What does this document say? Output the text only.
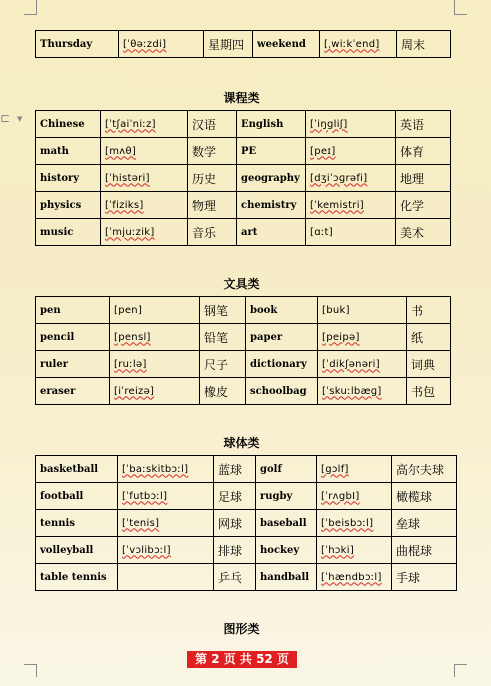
⊏ ▼
Thursday	[ˈθəːzdi]	星期四	weekend	[ˌwiːkˈend]	周末
课程类
Chinese	[ˈtʃaiˈniːz]	汉语	English	[ˈiŋgliʃ]	英语
math	[mʌθ]	数学	PE	[peɪ]	体育
history	[ˈhistəri]	历史	geography	[dʒiˈɔɡrəfi]	地理
physics	[ˈfiziks]	物理	chemistry	[ˈkemistri]	化学
music	[ˈmjuːzik]	音乐	art	[ɑːt]	美术
文具类
pen	[pen]	钢笔	book	[buk]	书
pencil	[pensl]	铅笔	paper	[peipə]	纸
ruler	[ruːlə]	尺子	dictionary	[ˈdikʃənəri]	词典
eraser	[iˈreizə]	橡皮	schoolbag	[ˈskuːlbæɡ]	书包
球体类
basketball	[ˈbaːskitbɔːl]	蓝球	golf	[gɔlf]	高尔夫球
football	[ˈfutbɔːl]	足球	rugby	[ˈrʌgbI]	橄榄球
tennis	[ˈtenis]	网球	baseball	[ˈbeisbɔːl]	垒球
volleyball	[ˈvɔlibɔːl]	排球	hockey	[ˈhɔki]	曲棍球
table tennis		乒乓	handball	[ˈhændbɔːl]	手球
图形类
第 2 页 共 52 页
